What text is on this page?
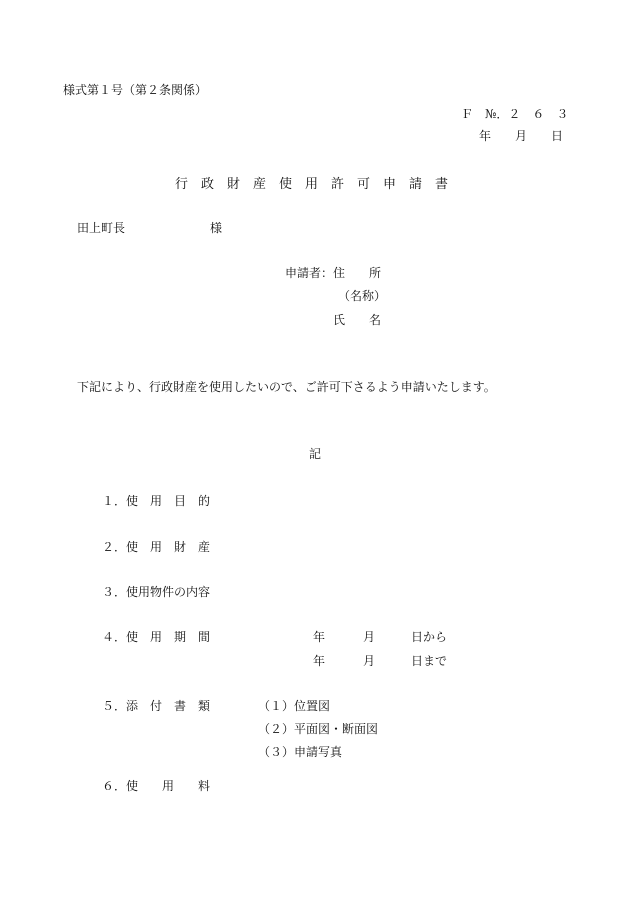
様式第１号（第２条関係）
Ｆ　№．２　６　３
年　　月　　日
行　政　財　産　使　用　許　可　申　請　書
田上町長	様
申請者：住　　所
（名称）
氏　　名
下記により、行政財産を使用したいので、ご許可下さるよう申請いたします。
記
１．使　用　目　的
２．使　用　財　産
３．使用物件の内容
４．使　用　期　間	年	月	日から
年	月	日まで
５．添　付　書　類	（１）位置図
（２）平面図・断面図
（３）申請写真
６．使　　用　　料
